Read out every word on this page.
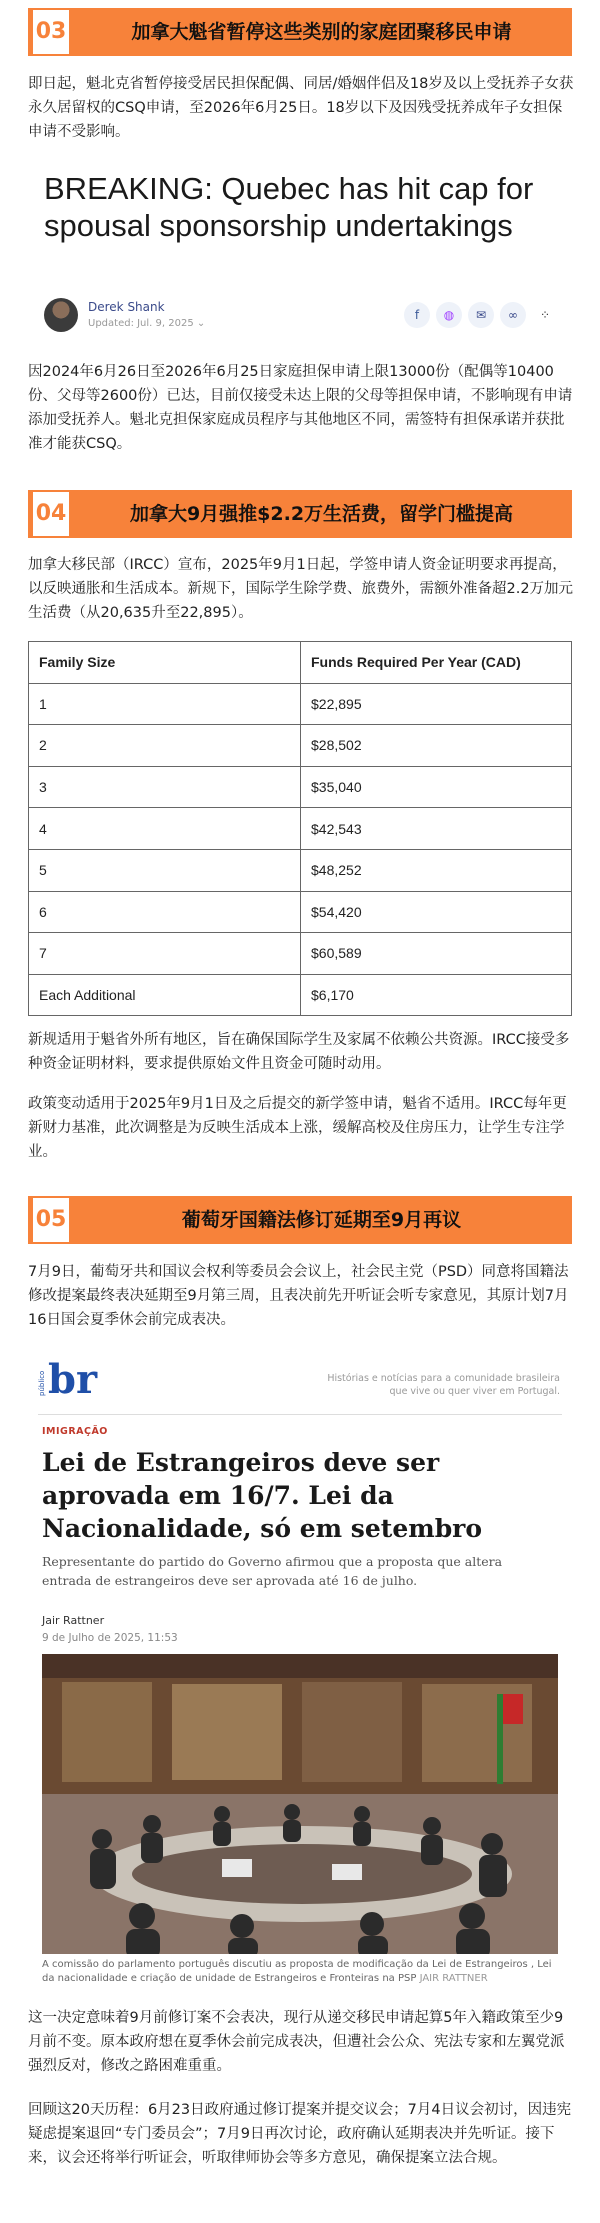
03	加拿大魁省暂停这些类别的家庭团聚移民申请

即日起，魁北克省暂停接受居民担保配偶、同居/婚姻伴侣及18岁及以上受抚养子女获永久居留权的CSQ申请，至2026年6月25日。18岁以下及因残受抚养成年子女担保申请不受影响。

BREAKING: Quebec has hit cap for spousal sponsorship undertakings
Derek Shank
Updated: Jul. 9, 2025 ⌄
f	◍	✉	∞	⁘

因2024年6月26日至2026年6月25日家庭担保申请上限13000份（配偶等10400份、父母等2600份）已达，目前仅接受未达上限的父母等担保申请，不影响现有申请添加受抚养人。魁北克担保家庭成员程序与其他地区不同，需签特有担保承诺并获批准才能获CSQ。

04	加拿大9月强推$2.2万生活费，留学门槛提高

加拿大移民部（IRCC）宣布，2025年9月1日起，学签申请人资金证明要求再提高，以反映通胀和生活成本。新规下，国际学生除学费、旅费外，需额外准备超2.2万加元生活费（从20,635升至22,895）。

Family Size	Funds Required Per Year (CAD)
1	$22,895
2	$28,502
3	$35,040
4	$42,543
5	$48,252
6	$54,420
7	$60,589
Each Additional	$6,170

新规适用于魁省外所有地区，旨在确保国际学生及家属不依赖公共资源。IRCC接受多种资金证明材料，要求提供原始文件且资金可随时动用。

政策变动适用于2025年9月1日及之后提交的新学签申请，魁省不适用。IRCC每年更新财力基准，此次调整是为反映生活成本上涨，缓解高校及住房压力，让学生专注学业。

05	葡萄牙国籍法修订延期至9月再议

7月9日，葡萄牙共和国议会权利等委员会会议上，社会民主党（PSD）同意将国籍法修改提案最终表决延期至9月第三周，且表决前先开听证会听专家意见，其原计划7月16日国会夏季休会前完成表决。

público br	Histórias e notícias para a comunidade brasileira que vive ou quer viver em Portugal.
IMIGRAÇÃO
Lei de Estrangeiros deve ser aprovada em 16/7. Lei da Nacionalidade, só em setembro
Representante do partido do Governo afirmou que a proposta que altera entrada de estrangeiros deve ser aprovada até 16 de julho.
Jair Rattner
9 de Julho de 2025, 11:53
A comissão do parlamento português discutiu as proposta de modificação da Lei de Estrangeiros , Lei da nacionalidade e criação de unidade de Estrangeiros e Fronteiras na PSP JAIR RATTNER

这一决定意味着9月前修订案不会表决，现行从递交移民申请起算5年入籍政策至少9月前不变。原本政府想在夏季休会前完成表决，但遭社会公众、宪法专家和左翼党派强烈反对，修改之路困难重重。

回顾这20天历程：6月23日政府通过修订提案并提交议会；7月4日议会初讨，因违宪疑虑提案退回“专门委员会”；7月9日再次讨论，政府确认延期表决并先听证。接下来，议会还将举行听证会，听取律师协会等多方意见，确保提案立法合规。
